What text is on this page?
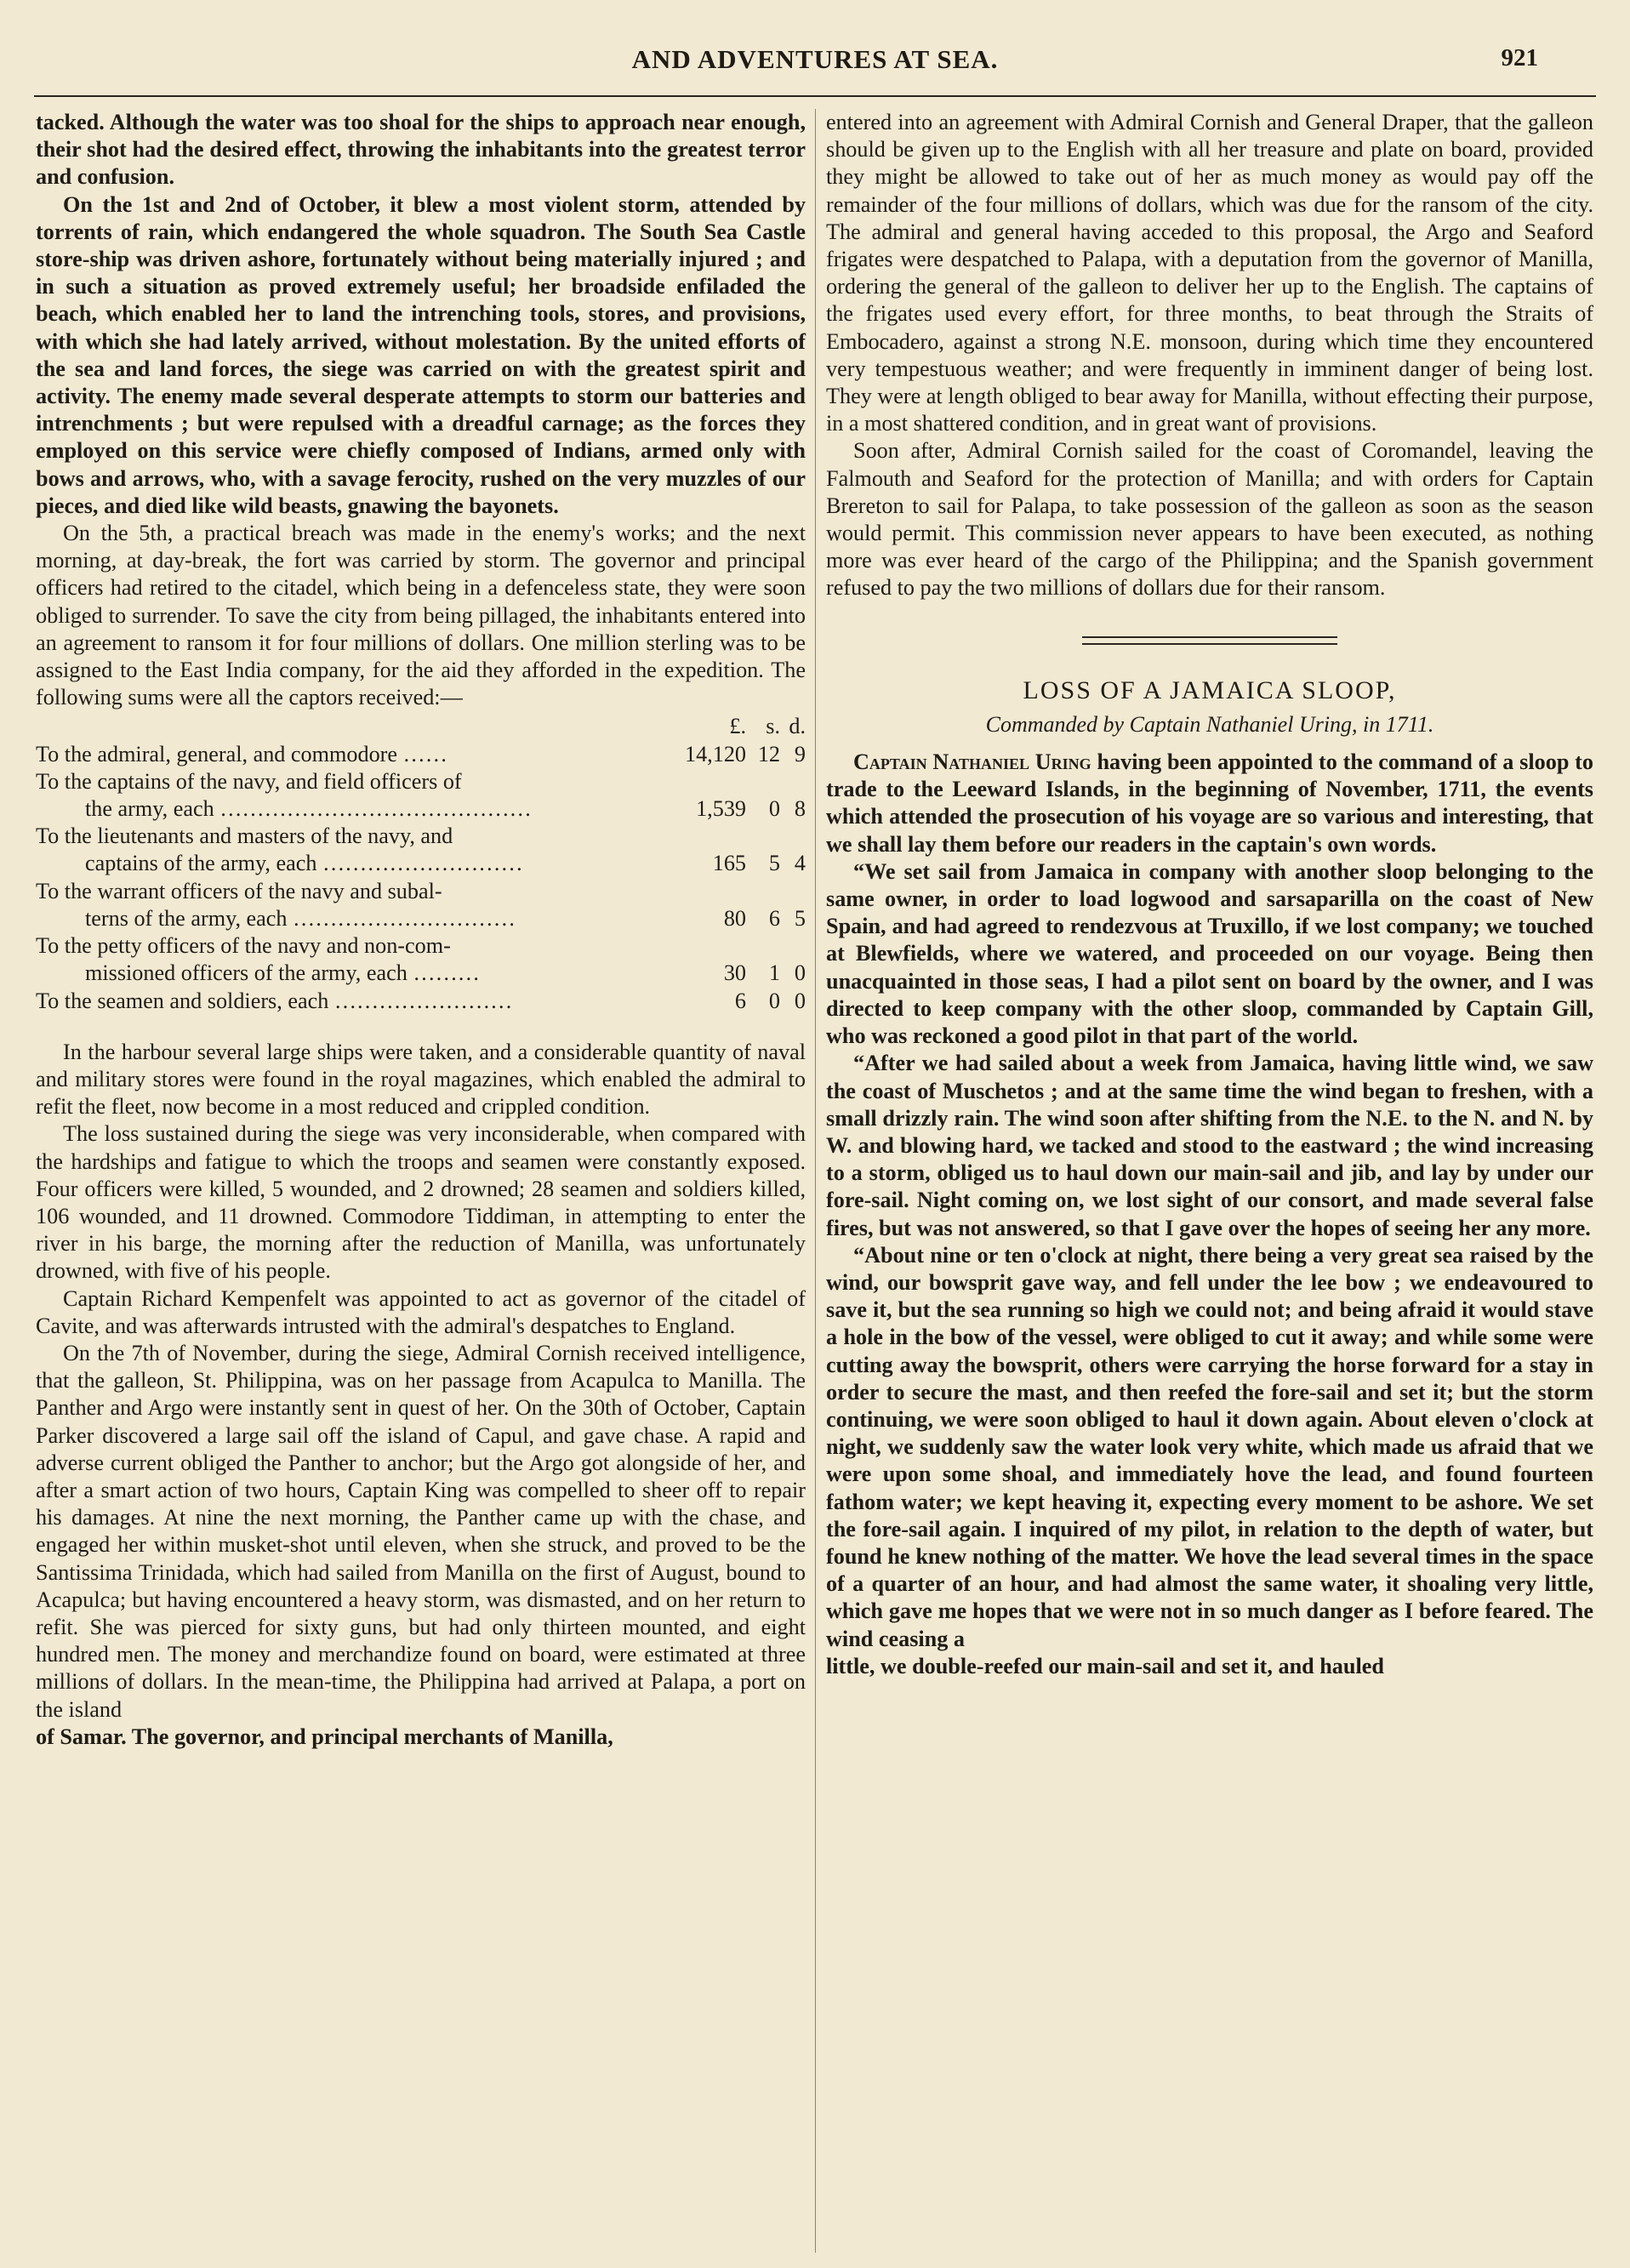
AND ADVENTURES AT SEA.	921

tacked. Although the water was too shoal for the ships to approach near enough, their shot had the desired effect, throwing the inhabitants into the greatest terror and confusion.

On the 1st and 2nd of October, it blew a most violent storm, attended by torrents of rain, which endangered the whole squadron. The South Sea Castle store-ship was driven ashore, fortunately without being materially injured ; and in such a situation as proved extremely useful; her broadside enfiladed the beach, which enabled her to land the intrenching tools, stores, and provisions, with which she had lately arrived, without molestation. By the united efforts of the sea and land forces, the siege was carried on with the greatest spirit and activity. The enemy made several desperate attempts to storm our batteries and intrenchments ; but were repulsed with a dreadful carnage; as the forces they employed on this service were chiefly composed of Indians, armed only with bows and arrows, who, with a savage ferocity, rushed on the very muzzles of our pieces, and died like wild beasts, gnawing the bayonets.

On the 5th, a practical breach was made in the enemy's works; and the next morning, at day-break, the fort was carried by storm. The governor and principal officers had retired to the citadel, which being in a defenceless state, they were soon obliged to surrender. To save the city from being pillaged, the inhabitants entered into an agreement to ransom it for four millions of dollars. One million sterling was to be assigned to the East India company, for the aid they afforded in the expedition. The following sums were all the captors received:—

	£.	s.	d.
To the admiral, general, and commodore ……	14,120	12	9
To the captains of the navy, and field officers of
the army, each ……………………………………	1,539	0	8
To the lieutenants and masters of the navy, and
captains of the army, each ………………………	165	5	4
To the warrant officers of the navy and subal-
terns of the army, each …………………………	80	6	5
To the petty officers of the navy and non-com-
missioned officers of the army, each ………	30	1	0
To the seamen and soldiers, each ……………………	6	0	0

In the harbour several large ships were taken, and a considerable quantity of naval and military stores were found in the royal magazines, which enabled the admiral to refit the fleet, now become in a most reduced and crippled condition.

The loss sustained during the siege was very inconsiderable, when compared with the hardships and fatigue to which the troops and seamen were constantly exposed. Four officers were killed, 5 wounded, and 2 drowned; 28 seamen and soldiers killed, 106 wounded, and 11 drowned. Commodore Tiddiman, in attempting to enter the river in his barge, the morning after the reduction of Manilla, was unfortunately drowned, with five of his people.

Captain Richard Kempenfelt was appointed to act as governor of the citadel of Cavite, and was afterwards intrusted with the admiral's despatches to England.

On the 7th of November, during the siege, Admiral Cornish received intelligence, that the galleon, St. Philippina, was on her passage from Acapulca to Manilla. The Panther and Argo were instantly sent in quest of her. On the 30th of October, Captain Parker discovered a large sail off the island of Capul, and gave chase. A rapid and adverse current obliged the Panther to anchor; but the Argo got alongside of her, and after a smart action of two hours, Captain King was compelled to sheer off to repair his damages. At nine the next morning, the Panther came up with the chase, and engaged her within musket-shot until eleven, when she struck, and proved to be the Santissima Trinidada, which had sailed from Manilla on the first of August, bound to Acapulca; but having encountered a heavy storm, was dismasted, and on her return to refit. She was pierced for sixty guns, but had only thirteen mounted, and eight hundred men. The money and merchandize found on board, were estimated at three millions of dollars. In the mean-time, the Philippina had arrived at Palapa, a port on the island

of Samar. The governor, and principal merchants of Manilla,

entered into an agreement with Admiral Cornish and General Draper, that the galleon should be given up to the English with all her treasure and plate on board, provided they might be allowed to take out of her as much money as would pay off the remainder of the four millions of dollars, which was due for the ransom of the city. The admiral and general having acceded to this proposal, the Argo and Seaford frigates were despatched to Palapa, with a deputation from the governor of Manilla, ordering the general of the galleon to deliver her up to the English. The captains of the frigates used every effort, for three months, to beat through the Straits of Embocadero, against a strong N.E. monsoon, during which time they encountered very tempestuous weather; and were frequently in imminent danger of being lost. They were at length obliged to bear away for Manilla, without effecting their purpose, in a most shattered condition, and in great want of provisions.

Soon after, Admiral Cornish sailed for the coast of Coromandel, leaving the Falmouth and Seaford for the protection of Manilla; and with orders for Captain Brereton to sail for Palapa, to take possession of the galleon as soon as the season would permit. This commission never appears to have been executed, as nothing more was ever heard of the cargo of the Philippina; and the Spanish government refused to pay the two millions of dollars due for their ransom.

LOSS OF A JAMAICA SLOOP,
Commanded by Captain Nathaniel Uring, in 1711.

Captain Nathaniel Uring having been appointed to the command of a sloop to trade to the Leeward Islands, in the beginning of November, 1711, the events which attended the prosecution of his voyage are so various and interesting, that we shall lay them before our readers in the captain's own words.

“We set sail from Jamaica in company with another sloop belonging to the same owner, in order to load logwood and sarsaparilla on the coast of New Spain, and had agreed to rendezvous at Truxillo, if we lost company; we touched at Blewfields, where we watered, and proceeded on our voyage. Being then unacquainted in those seas, I had a pilot sent on board by the owner, and I was directed to keep company with the other sloop, commanded by Captain Gill, who was reckoned a good pilot in that part of the world.

“After we had sailed about a week from Jamaica, having little wind, we saw the coast of Muschetos ; and at the same time the wind began to freshen, with a small drizzly rain. The wind soon after shifting from the N.E. to the N. and N. by W. and blowing hard, we tacked and stood to the eastward ; the wind increasing to a storm, obliged us to haul down our main-sail and jib, and lay by under our fore-sail. Night coming on, we lost sight of our consort, and made several false fires, but was not answered, so that I gave over the hopes of seeing her any more.

“About nine or ten o'clock at night, there being a very great sea raised by the wind, our bowsprit gave way, and fell under the lee bow ; we endeavoured to save it, but the sea running so high we could not; and being afraid it would stave a hole in the bow of the vessel, were obliged to cut it away; and while some were cutting away the bowsprit, others were carrying the horse forward for a stay in order to secure the mast, and then reefed the fore-sail and set it; but the storm continuing, we were soon obliged to haul it down again. About eleven o'clock at night, we suddenly saw the water look very white, which made us afraid that we were upon some shoal, and immediately hove the lead, and found fourteen fathom water; we kept heaving it, expecting every moment to be ashore. We set the fore-sail again. I inquired of my pilot, in relation to the depth of water, but found he knew nothing of the matter. We hove the lead several times in the space of a quarter of an hour, and had almost the same water, it shoaling very little, which gave me hopes that we were not in so much danger as I before feared. The wind ceasing a

little, we double-reefed our main-sail and set it, and hauled
